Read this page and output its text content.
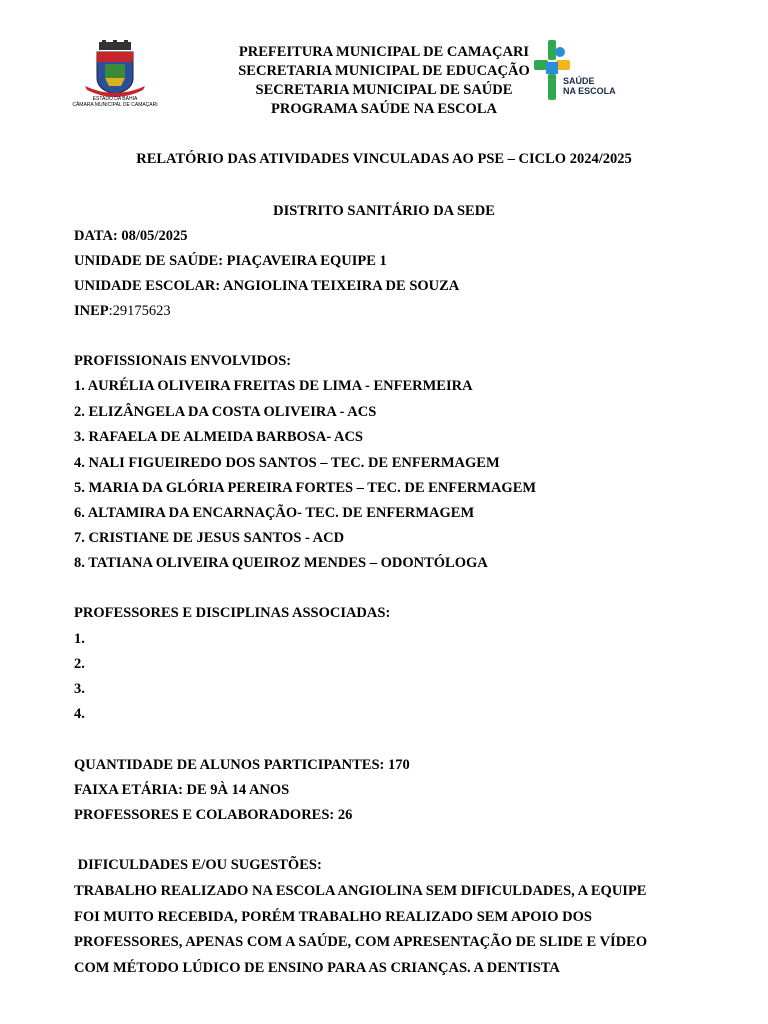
ESTADO DA BAHIA
CÂMARA MUNICIPAL DE CAMAÇARI
PREFEITURA MUNICIPAL DE CAMAÇARI
SECRETARIA MUNICIPAL DE EDUCAÇÃO
SECRETARIA MUNICIPAL DE SAÚDE
PROGRAMA SAÚDE NA ESCOLA
SAÚDE
NA ESCOLA
RELATÓRIO DAS ATIVIDADES VINCULADAS AO PSE – CICLO 2024/2025
DISTRITO SANITÁRIO DA SEDE
DATA: 08/05/2025
UNIDADE DE SAÚDE: PIAÇAVEIRA EQUIPE 1
UNIDADE ESCOLAR: ANGIOLINA TEIXEIRA DE SOUZA
INEP:29175623
PROFISSIONAIS ENVOLVIDOS:
1. AURÉLIA OLIVEIRA FREITAS DE LIMA - ENFERMEIRA
2. ELIZÂNGELA DA COSTA OLIVEIRA - ACS
3. RAFAELA DE ALMEIDA BARBOSA- ACS
4. NALI FIGUEIREDO DOS SANTOS – TEC. DE ENFERMAGEM
5. MARIA DA GLÓRIA PEREIRA FORTES – TEC. DE ENFERMAGEM
6. ALTAMIRA DA ENCARNAÇÃO- TEC. DE ENFERMAGEM
7. CRISTIANE DE JESUS SANTOS - ACD
8. TATIANA OLIVEIRA QUEIROZ MENDES – ODONTÓLOGA
PROFESSORES E DISCIPLINAS ASSOCIADAS:
1.
2.
3.
4.
QUANTIDADE DE ALUNOS PARTICIPANTES: 170
FAIXA ETÁRIA: DE 9À 14 ANOS
PROFESSORES E COLABORADORES: 26
DIFICULDADES E/OU SUGESTÕES:
TRABALHO REALIZADO NA ESCOLA ANGIOLINA SEM DIFICULDADES, A EQUIPE
FOI MUITO RECEBIDA, PORÉM TRABALHO REALIZADO SEM APOIO DOS
PROFESSORES, APENAS COM A SAÚDE, COM APRESENTAÇÃO DE SLIDE E VÍDEO
COM MÉTODO LÚDICO DE ENSINO PARA AS CRIANÇAS. A DENTISTA
